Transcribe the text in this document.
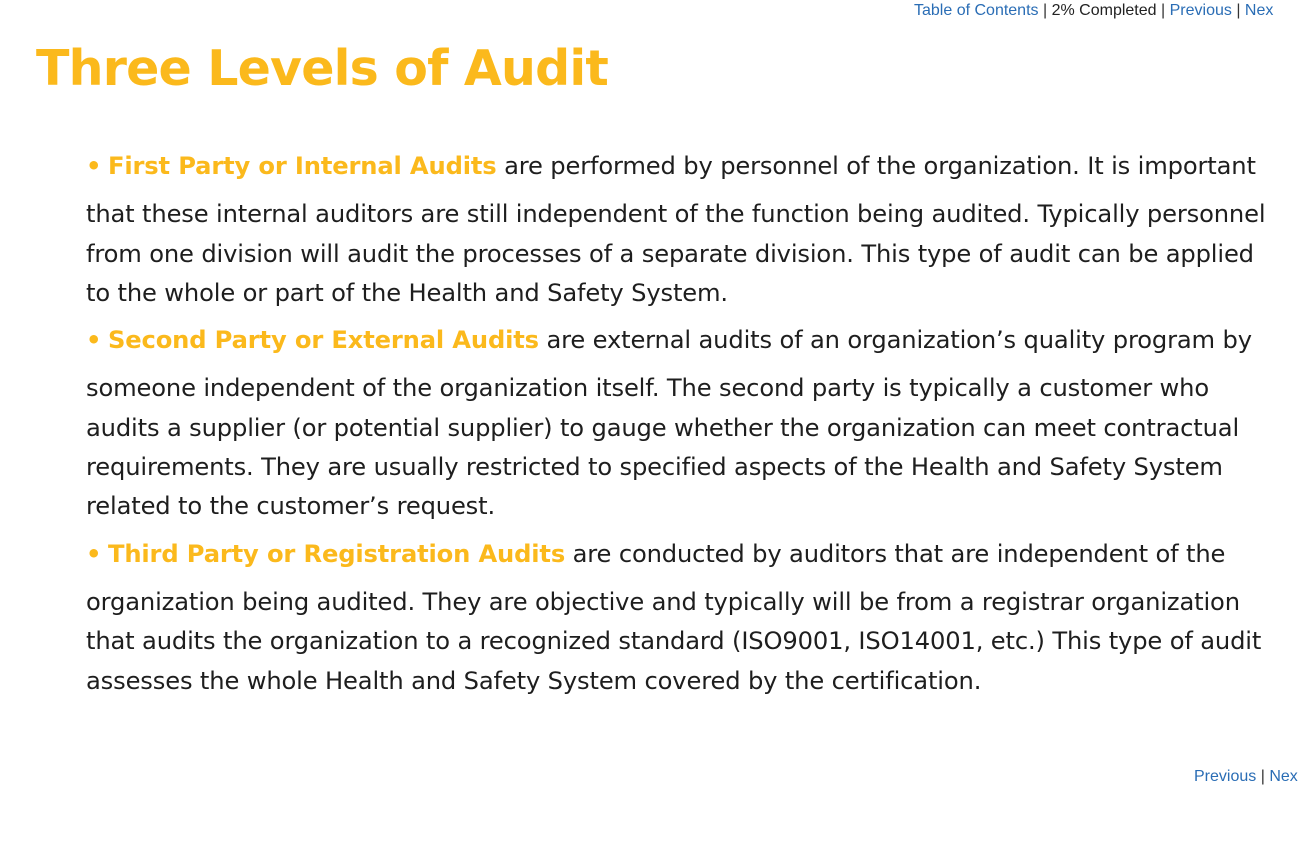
Table of Contents | 2% Completed | Previous | Nex
Three Levels of Audit
• First Party or Internal Audits are performed by personnel of the organization. It is important
that these internal auditors are still independent of the function being audited. Typically personnel from one division will audit the processes of a separate division. This type of audit can be applied to the whole or part of the Health and Safety System.
• Second Party or External Audits are external audits of an organization’s quality program by
someone independent of the organization itself. The second party is typically a customer who audits a supplier (or potential supplier) to gauge whether the organization can meet contractual requirements. They are usually restricted to specified aspects of the Health and Safety System related to the customer’s request.
• Third Party or Registration Audits are conducted by auditors that are independent of the
organization being audited. They are objective and typically will be from a registrar organization that audits the organization to a recognized standard (ISO9001, ISO14001, etc.) This type of audit assesses the whole Health and Safety System covered by the certification.
Previous | Nex
